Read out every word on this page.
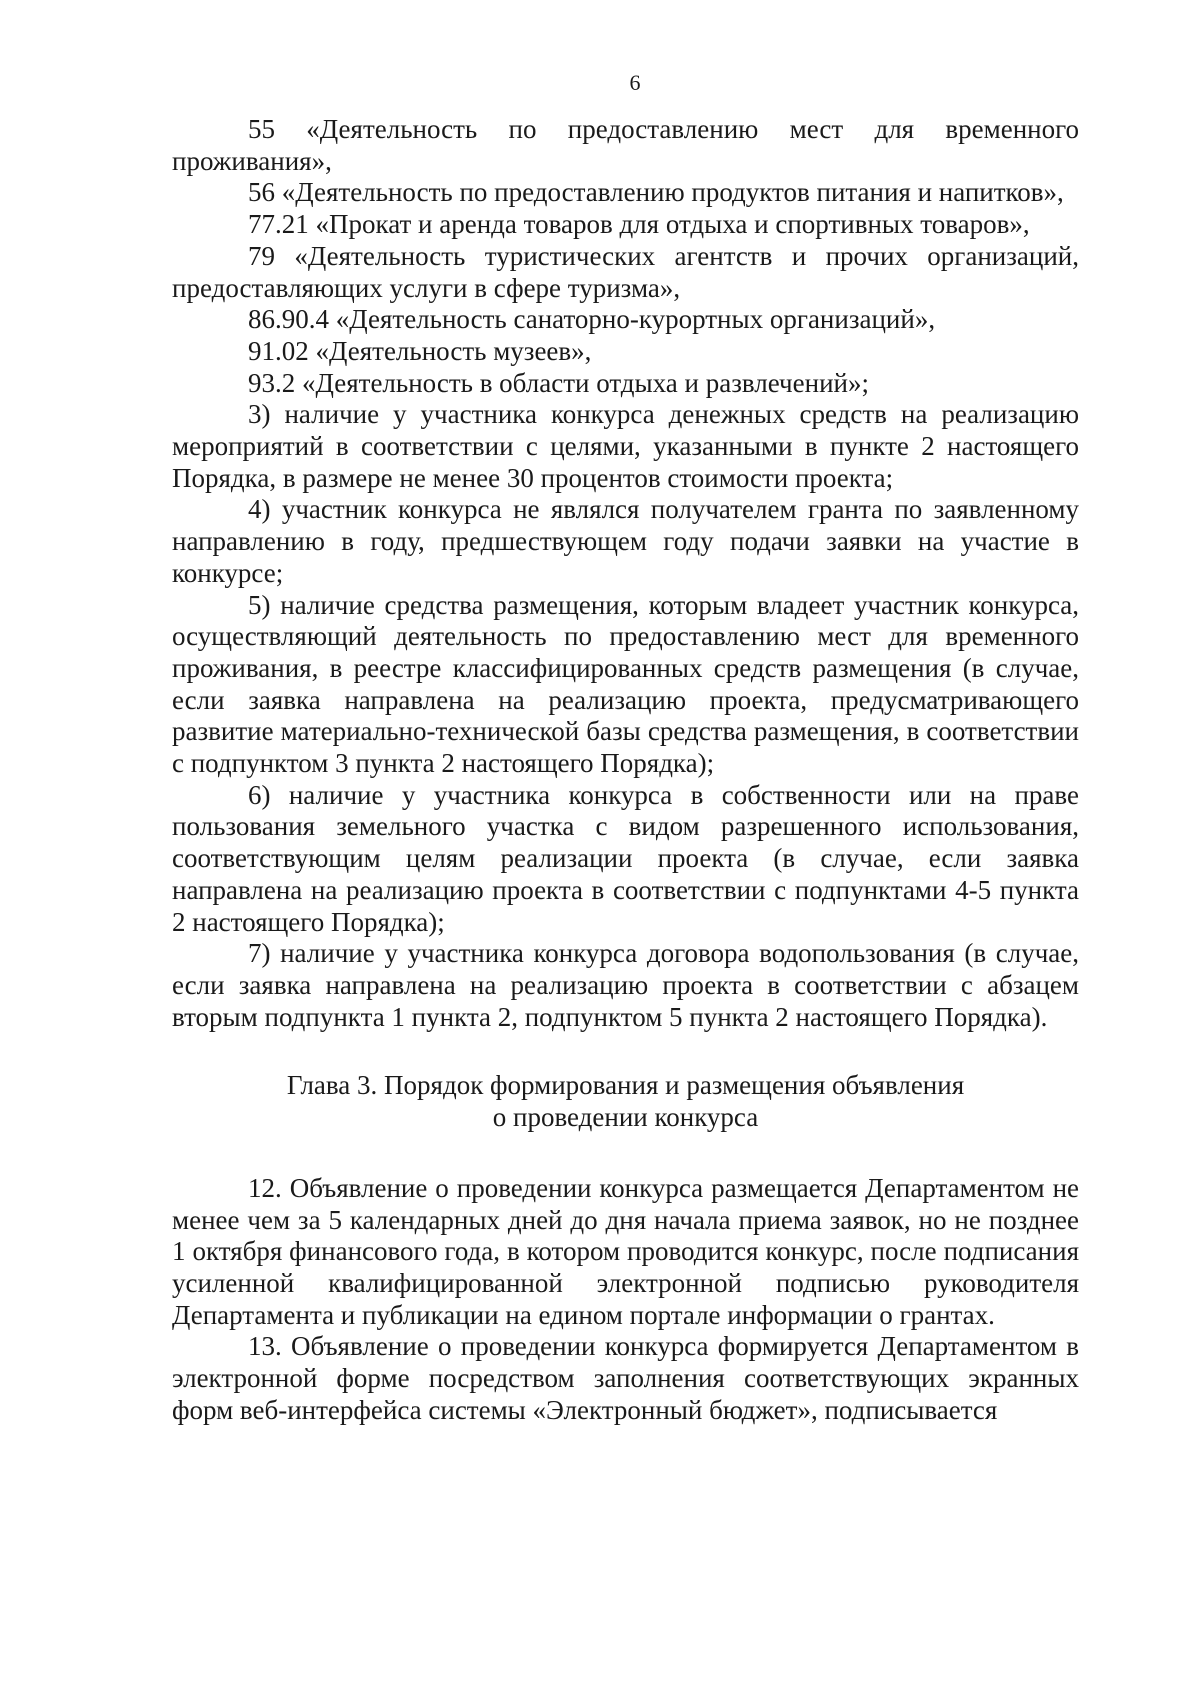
6

55 «Деятельность по предоставлению мест для временного проживания»,

56 «Деятельность по предоставлению продуктов питания и напитков»,

77.21 «Прокат и аренда товаров для отдыха и спортивных товаров»,

79 «Деятельность туристических агентств и прочих организаций, предоставляющих услуги в сфере туризма»,

86.90.4 «Деятельность санаторно-курортных организаций»,

91.02 «Деятельность музеев»,

93.2 «Деятельность в области отдыха и развлечений»;

3) наличие у участника конкурса денежных средств на реализацию мероприятий в соответствии с целями, указанными в пункте 2 настоящего Порядка, в размере не менее 30 процентов стоимости проекта;

4) участник конкурса не являлся получателем гранта по заявленному направлению в году, предшествующем году подачи заявки на участие в конкурсе;

5) наличие средства размещения, которым владеет участник конкурса, осуществляющий деятельность по предоставлению мест для временного проживания, в реестре классифицированных средств размещения (в случае, если заявка направлена на реализацию проекта, предусматривающего развитие материально-технической базы средства размещения, в соответствии с подпунктом 3 пункта 2 настоящего Порядка);

6) наличие у участника конкурса в собственности или на праве пользования земельного участка с видом разрешенного использования, соответствующим целям реализации проекта (в случае, если заявка направлена на реализацию проекта в соответствии с подпунктами 4-5 пункта 2 настоящего Порядка);

7) наличие у участника конкурса договора водопользования (в случае, если заявка направлена на реализацию проекта в соответствии с абзацем вторым подпункта 1 пункта 2, подпунктом 5 пункта 2 настоящего Порядка).

Глава 3. Порядок формирования и размещения объявления
о проведении конкурса

12. Объявление о проведении конкурса размещается Департаментом не менее чем за 5 календарных дней до дня начала приема заявок, но не позднее 1 октября финансового года, в котором проводится конкурс, после подписания усиленной квалифицированной электронной подписью руководителя Департамента и публикации на едином портале информации о грантах.

13. Объявление о проведении конкурса формируется Департаментом в электронной форме посредством заполнения соответствующих экранных форм веб-интерфейса системы «Электронный бюджет», подписывается
